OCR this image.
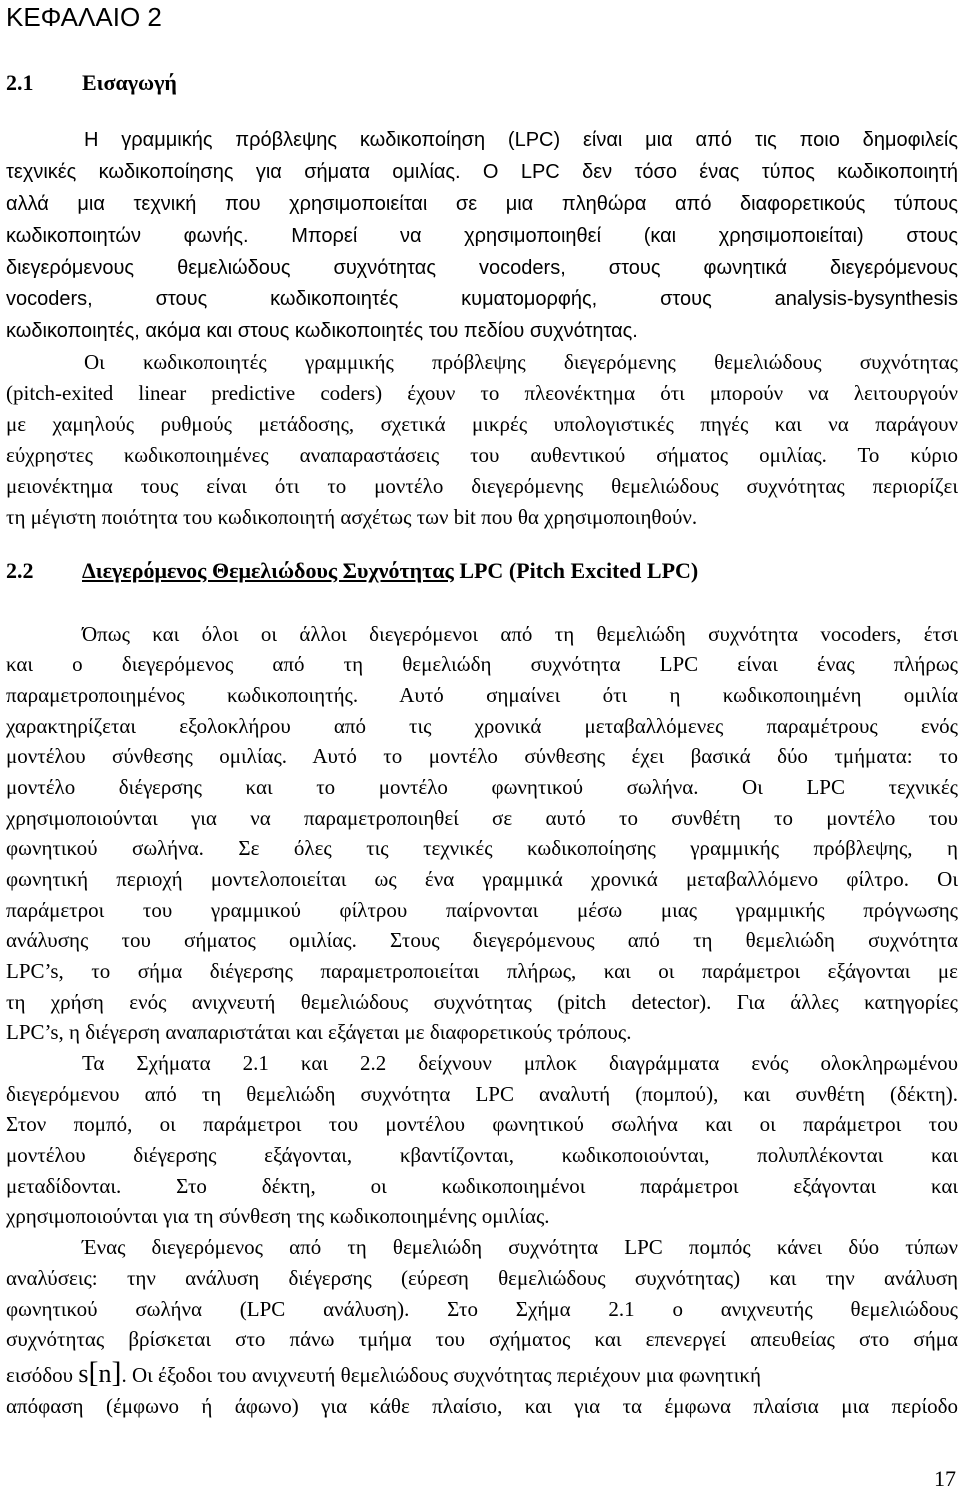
ΚΕΦΑΛΑΙΟ 2
2.1 Εισαγωγή
Η γραμμικής πρόβλεψης κωδικοποίηση (LPC) είναι μια από τις ποιο δημοφιλείς
τεχνικές κωδικοποίησης για σήματα ομιλίας. Ο LPC δεν τόσο ένας τύπος κωδικοποιητή
αλλά μια τεχνική που χρησιμοποιείται σε μια πληθώρα από διαφορετικούς τύπους
κωδικοποιητών φωνής. Μπορεί να χρησιμοποιηθεί (και χρησιμοποιείται) στους
διεγερόμενους θεμελιώδους συχνότητας vocoders, στους φωνητικά διεγερόμενους
vocoders, στους κωδικοποιητές κυματομορφής, στους analysis-bysynthesis
κωδικοποιητές, ακόμα και στους κωδικοποιητές του πεδίου συχνότητας.
Οι κωδικοποιητές γραμμικής πρόβλεψης διεγερόμενης θεμελιώδους συχνότητας
(pitch-exited linear predictive coders) έχουν το πλεονέκτημα ότι μπορούν να λειτουργούν
με χαμηλούς ρυθμούς μετάδοσης, σχετικά μικρές υπολογιστικές πηγές και να παράγουν
εύχρηστες κωδικοποιημένες αναπαραστάσεις του αυθεντικού σήματος ομιλίας. Το κύριο
μειονέκτημα τους είναι ότι το μοντέλο διεγερόμενης θεμελιώδους συχνότητας περιορίζει
τη μέγιστη ποιότητα του κωδικοποιητή ασχέτως των bit που θα χρησιμοποιηθούν.
2.2 Διεγερόμενος Θεμελιώδους Συχνότητας LPC (Pitch Excited LPC)
Όπως και όλοι οι άλλοι διεγερόμενοι από τη θεμελιώδη συχνότητα vocoders, έτσι
και ο διεγερόμενος από τη θεμελιώδη συχνότητα LPC είναι ένας πλήρως
παραμετροποιημένος κωδικοποιητής. Αυτό σημαίνει ότι η κωδικοποιημένη ομιλία
χαρακτηρίζεται εξολοκλήρου από τις χρονικά μεταβαλλόμενες παραμέτρους ενός
μοντέλου σύνθεσης ομιλίας. Αυτό το μοντέλο σύνθεσης έχει βασικά δύο τμήματα: το
μοντέλο διέγερσης και το μοντέλο φωνητικού σωλήνα. Οι LPC τεχνικές
χρησιμοποιούνται για να παραμετροποιηθεί σε αυτό το συνθέτη το μοντέλο του
φωνητικού σωλήνα. Σε όλες τις τεχνικές κωδικοποίησης γραμμικής πρόβλεψης, η
φωνητική περιοχή μοντελοποιείται ως ένα γραμμικά χρονικά μεταβαλλόμενο φίλτρο. Οι
παράμετροι του γραμμικού φίλτρου παίρνονται μέσω μιας γραμμικής πρόγνωσης
ανάλυσης του σήματος ομιλίας. Στους διεγερόμενους από τη θεμελιώδη συχνότητα
LPC’s, το σήμα διέγερσης παραμετροποιείται πλήρως, και οι παράμετροι εξάγονται με
τη χρήση ενός ανιχνευτή θεμελιώδους συχνότητας (pitch detector). Για άλλες κατηγορίες
LPC’s, η διέγερση αναπαριστάται και εξάγεται με διαφορετικούς τρόπους.
Τα Σχήματα 2.1 και 2.2 δείχνουν μπλοκ διαγράμματα ενός ολοκληρωμένου
διεγερόμενου από τη θεμελιώδη συχνότητα LPC αναλυτή (πομπού), και συνθέτη (δέκτη).
Στον πομπό, οι παράμετροι του μοντέλου φωνητικού σωλήνα και οι παράμετροι του
μοντέλου διέγερσης εξάγονται, κβαντίζονται, κωδικοποιούνται, πολυπλέκονται και
μεταδίδονται. Στο δέκτη, οι κωδικοποιημένοι παράμετροι εξάγονται και
χρησιμοποιούνται για τη σύνθεση της κωδικοποιημένης ομιλίας.
Ένας διεγερόμενος από τη θεμελιώδη συχνότητα LPC πομπός κάνει δύο τύπων
αναλύσεις: την ανάλυση διέγερσης (εύρεση θεμελιώδους συχνότητας) και την ανάλυση
φωνητικού σωλήνα (LPC ανάλυση). Στο Σχήμα 2.1 ο ανιχνευτής θεμελιώδους
συχνότητας βρίσκεται στο πάνω τμήμα του σχήματος και επενεργεί απευθείας στο σήμα
εισόδου s[n]. Οι έξοδοι του ανιχνευτή θεμελιώδους συχνότητας περιέχουν μια φωνητική
απόφαση (έμφωνο ή άφωνο) για κάθε πλαίσιο, και για τα έμφωνα πλαίσια μια περίοδο
17
